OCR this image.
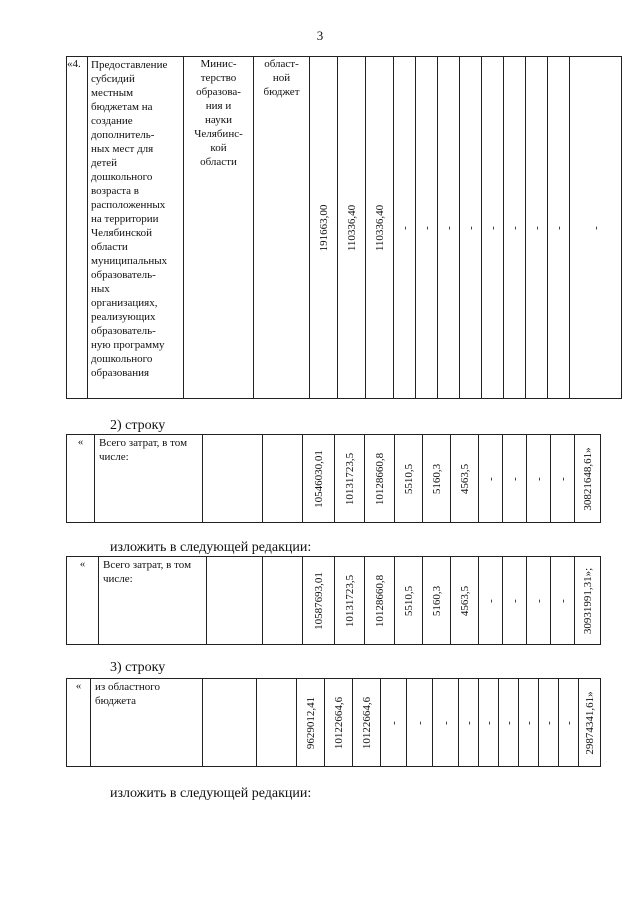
3
«4.	Предоставление
субсидий
местным
бюджетам на
создание
дополнитель-
ных мест для
детей
дошкольного
возраста в
расположенных
на территории
Челябинской
области
муниципальных
образователь-
ных
организациях,
реализующих
образователь-
ную программу
дошкольного
образования

Минис-
терство
образова-
ния и
науки
Челябинс-
кой
области

област-
ной
бюджет

191663,00	110336,40	110336,40	-	-	-	-	-	-	-	-	-

2) строку
«	Всего затрат, в том числе:			10546030,01	10131723,5	10128660,8	5510,5	5160,3	4563,5	-	-	-	-	30821648,61»
изложить в следующей редакции:
«	Всего затрат, в том числе:			10587693,01	10131723,5	10128660,8	5510,5	5160,3	4563,5	-	-	-	-	30931991,31»;
3) строку
«	из областного бюджета			9629012,41	10122664,6	10122664,6	-	-	-	-	-	-	-	-	-	29874341,61»
изложить в следующей редакции:
